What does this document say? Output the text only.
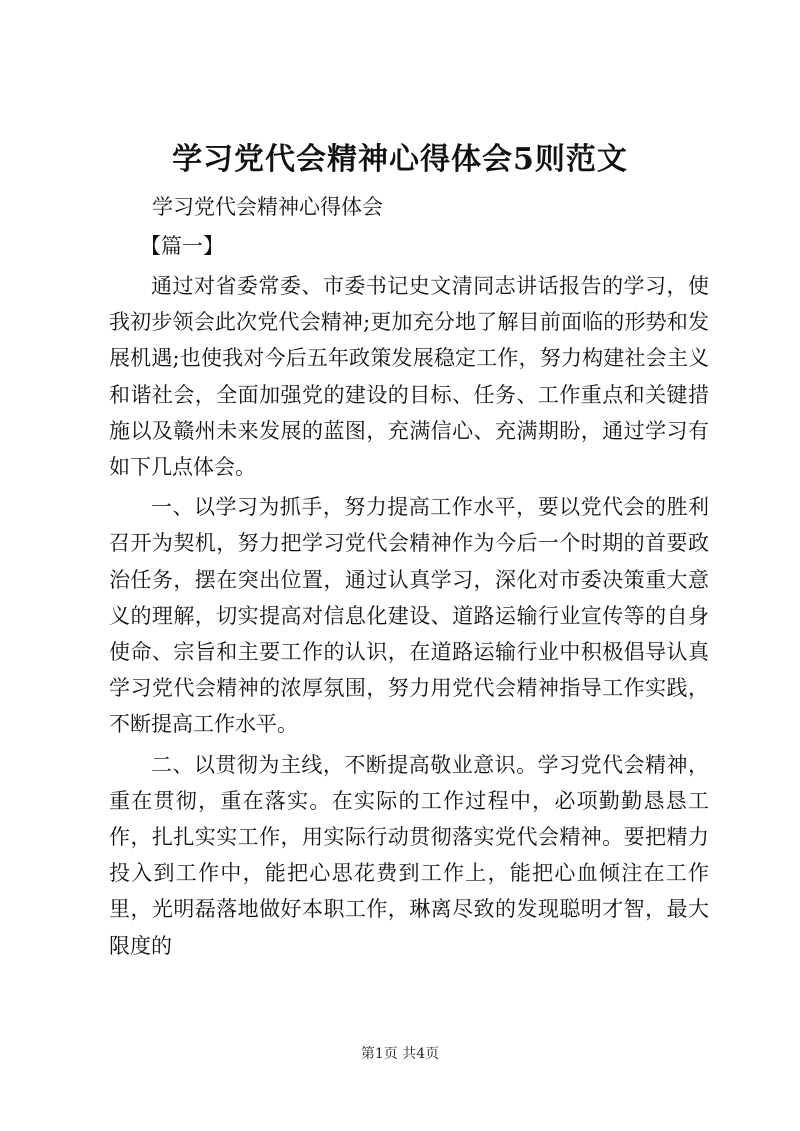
学习党代会精神心得体会5则范文
学习党代会精神心得体会
【篇一】

通过对省委常委、市委书记史文清同志讲话报告的学习，使我初步领会此次党代会精神;更加充分地了解目前面临的形势和发展机遇;也使我对今后五年政策发展稳定工作，努力构建社会主义和谐社会，全面加强党的建设的目标、任务、工作重点和关键措施以及赣州未来发展的蓝图，充满信心、充满期盼，通过学习有如下几点体会。

一、以学习为抓手，努力提高工作水平，要以党代会的胜利召开为契机，努力把学习党代会精神作为今后一个时期的首要政治任务，摆在突出位置，通过认真学习，深化对市委决策重大意义的理解，切实提高对信息化建设、道路运输行业宣传等的自身使命、宗旨和主要工作的认识，在道路运输行业中积极倡导认真学习党代会精神的浓厚氛围，努力用党代会精神指导工作实践，不断提高工作水平。

二、以贯彻为主线，不断提高敬业意识。学习党代会精神，重在贯彻，重在落实。在实际的工作过程中，必项勤勤恳恳工作，扎扎实实工作，用实际行动贯彻落实党代会精神。要把精力投入到工作中，能把心思花费到工作上，能把心血倾注在工作里，光明磊落地做好本职工作，琳离尽致的发现聪明才智，最大限度的

第1页 共4页
